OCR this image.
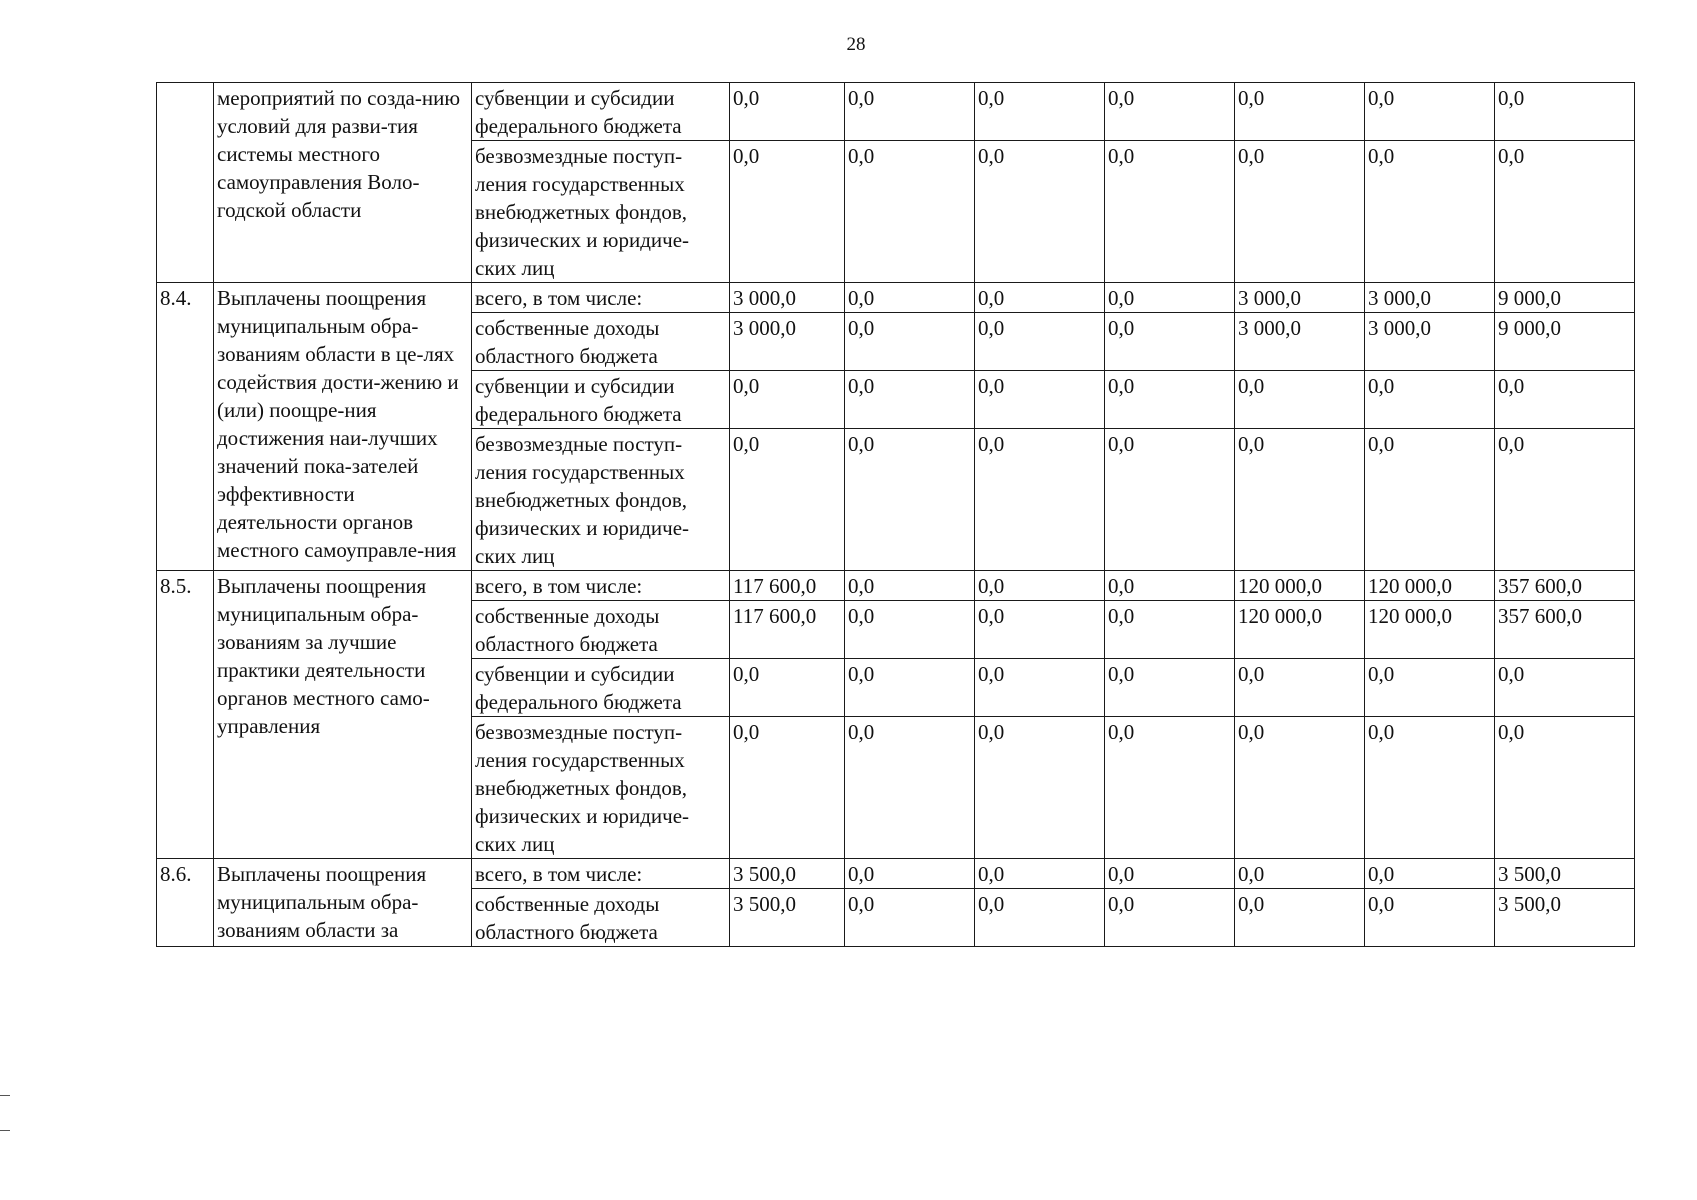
28
	мероприятий по созда-нию условий для разви-тия системы местного самоуправления Воло-годской области	субвенции и субсидии федерального бюджета	0,0	0,0	0,0	0,0	0,0	0,0	0,0
		безвозмездные поступ-ления государственных внебюджетных фондов, физических и юридиче-ских лиц	0,0	0,0	0,0	0,0	0,0	0,0	0,0
8.4.	Выплачены поощрения муниципальным обра-зованиям области в це-лях содействия дости-жению и (или) поощре-ния достижения наи-лучших значений пока-зателей эффективности деятельности органов местного самоуправле-ния	всего, в том числе:	3 000,0	0,0	0,0	0,0	3 000,0	3 000,0	9 000,0
		собственные доходы областного бюджета	3 000,0	0,0	0,0	0,0	3 000,0	3 000,0	9 000,0
		субвенции и субсидии федерального бюджета	0,0	0,0	0,0	0,0	0,0	0,0	0,0
		безвозмездные поступ-ления государственных внебюджетных фондов, физических и юридиче-ских лиц	0,0	0,0	0,0	0,0	0,0	0,0	0,0
8.5.	Выплачены поощрения муниципальным обра-зованиям за лучшие практики деятельности органов местного само-управления	всего, в том числе:	117 600,0	0,0	0,0	0,0	120 000,0	120 000,0	357 600,0
		собственные доходы областного бюджета	117 600,0	0,0	0,0	0,0	120 000,0	120 000,0	357 600,0
		субвенции и субсидии федерального бюджета	0,0	0,0	0,0	0,0	0,0	0,0	0,0
		безвозмездные поступ-ления государственных внебюджетных фондов, физических и юридиче-ских лиц	0,0	0,0	0,0	0,0	0,0	0,0	0,0
8.6.	Выплачены поощрения муниципальным обра-зованиям области за	всего, в том числе:	3 500,0	0,0	0,0	0,0	0,0	0,0	3 500,0
		собственные доходы областного бюджета	3 500,0	0,0	0,0	0,0	0,0	0,0	3 500,0
